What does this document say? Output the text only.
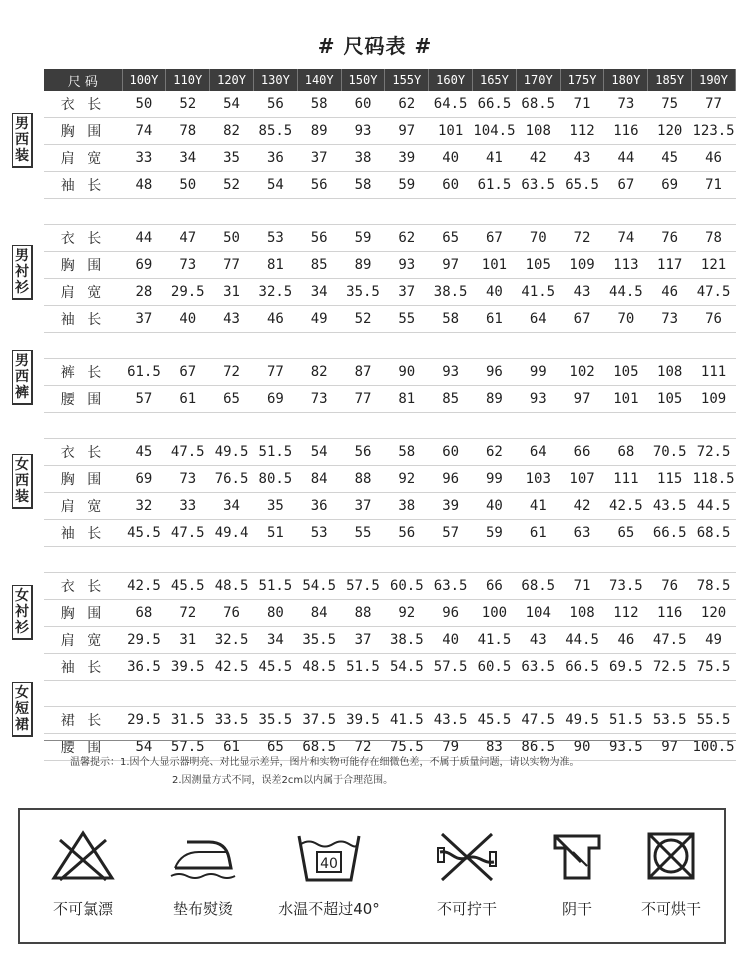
# 尺码表 #
尺 码	100Y	110Y	120Y	130Y	140Y	150Y	155Y	160Y	165Y	170Y	175Y	180Y	185Y	190Y
衣 长	50	52	54	56	58	60	62	64.5	66.5	68.5	71	73	75	77
胸 围	74	78	82	85.5	89	93	97	101	104.5	108	112	116	120	123.5
肩 宽	33	34	35	36	37	38	39	40	41	42	43	44	45	46
袖 长	48	50	52	54	56	58	59	60	61.5	63.5	65.5	67	69	71

衣 长	44	47	50	53	56	59	62	65	67	70	72	74	76	78
胸 围	69	73	77	81	85	89	93	97	101	105	109	113	117	121
肩 宽	28	29.5	31	32.5	34	35.5	37	38.5	40	41.5	43	44.5	46	47.5
袖 长	37	40	43	46	49	52	55	58	61	64	67	70	73	76

裤 长	61.5	67	72	77	82	87	90	93	96	99	102	105	108	111
腰 围	57	61	65	69	73	77	81	85	89	93	97	101	105	109

衣 长	45	47.5	49.5	51.5	54	56	58	60	62	64	66	68	70.5	72.5
胸 围	69	73	76.5	80.5	84	88	92	96	99	103	107	111	115	118.5
肩 宽	32	33	34	35	36	37	38	39	40	41	42	42.5	43.5	44.5
袖 长	45.5	47.5	49.4	51	53	55	56	57	59	61	63	65	66.5	68.5

衣 长	42.5	45.5	48.5	51.5	54.5	57.5	60.5	63.5	66	68.5	71	73.5	76	78.5
胸 围	68	72	76	80	84	88	92	96	100	104	108	112	116	120
肩 宽	29.5	31	32.5	34	35.5	37	38.5	40	41.5	43	44.5	46	47.5	49
袖 长	36.5	39.5	42.5	45.5	48.5	51.5	54.5	57.5	60.5	63.5	66.5	69.5	72.5	75.5

裙 长	29.5	31.5	33.5	35.5	37.5	39.5	41.5	43.5	45.5	47.5	49.5	51.5	53.5	55.5
腰 围	54	57.5	61	65	68.5	72	75.5	79	83	86.5	90	93.5	97	100.5
男西装
男衬衫
男西裤
女西装
女衬衫
女短裙
温馨提示：1.因个人显示器明亮、对比显示差异，图片和实物可能存在细微色差，不属于质量问题，请以实物为准。
2.因测量方式不同，误差2cm以内属于合理范围。
不可氯漂	垫布熨烫
40
水温不超过40°	不可拧干	阴干	不可烘干
